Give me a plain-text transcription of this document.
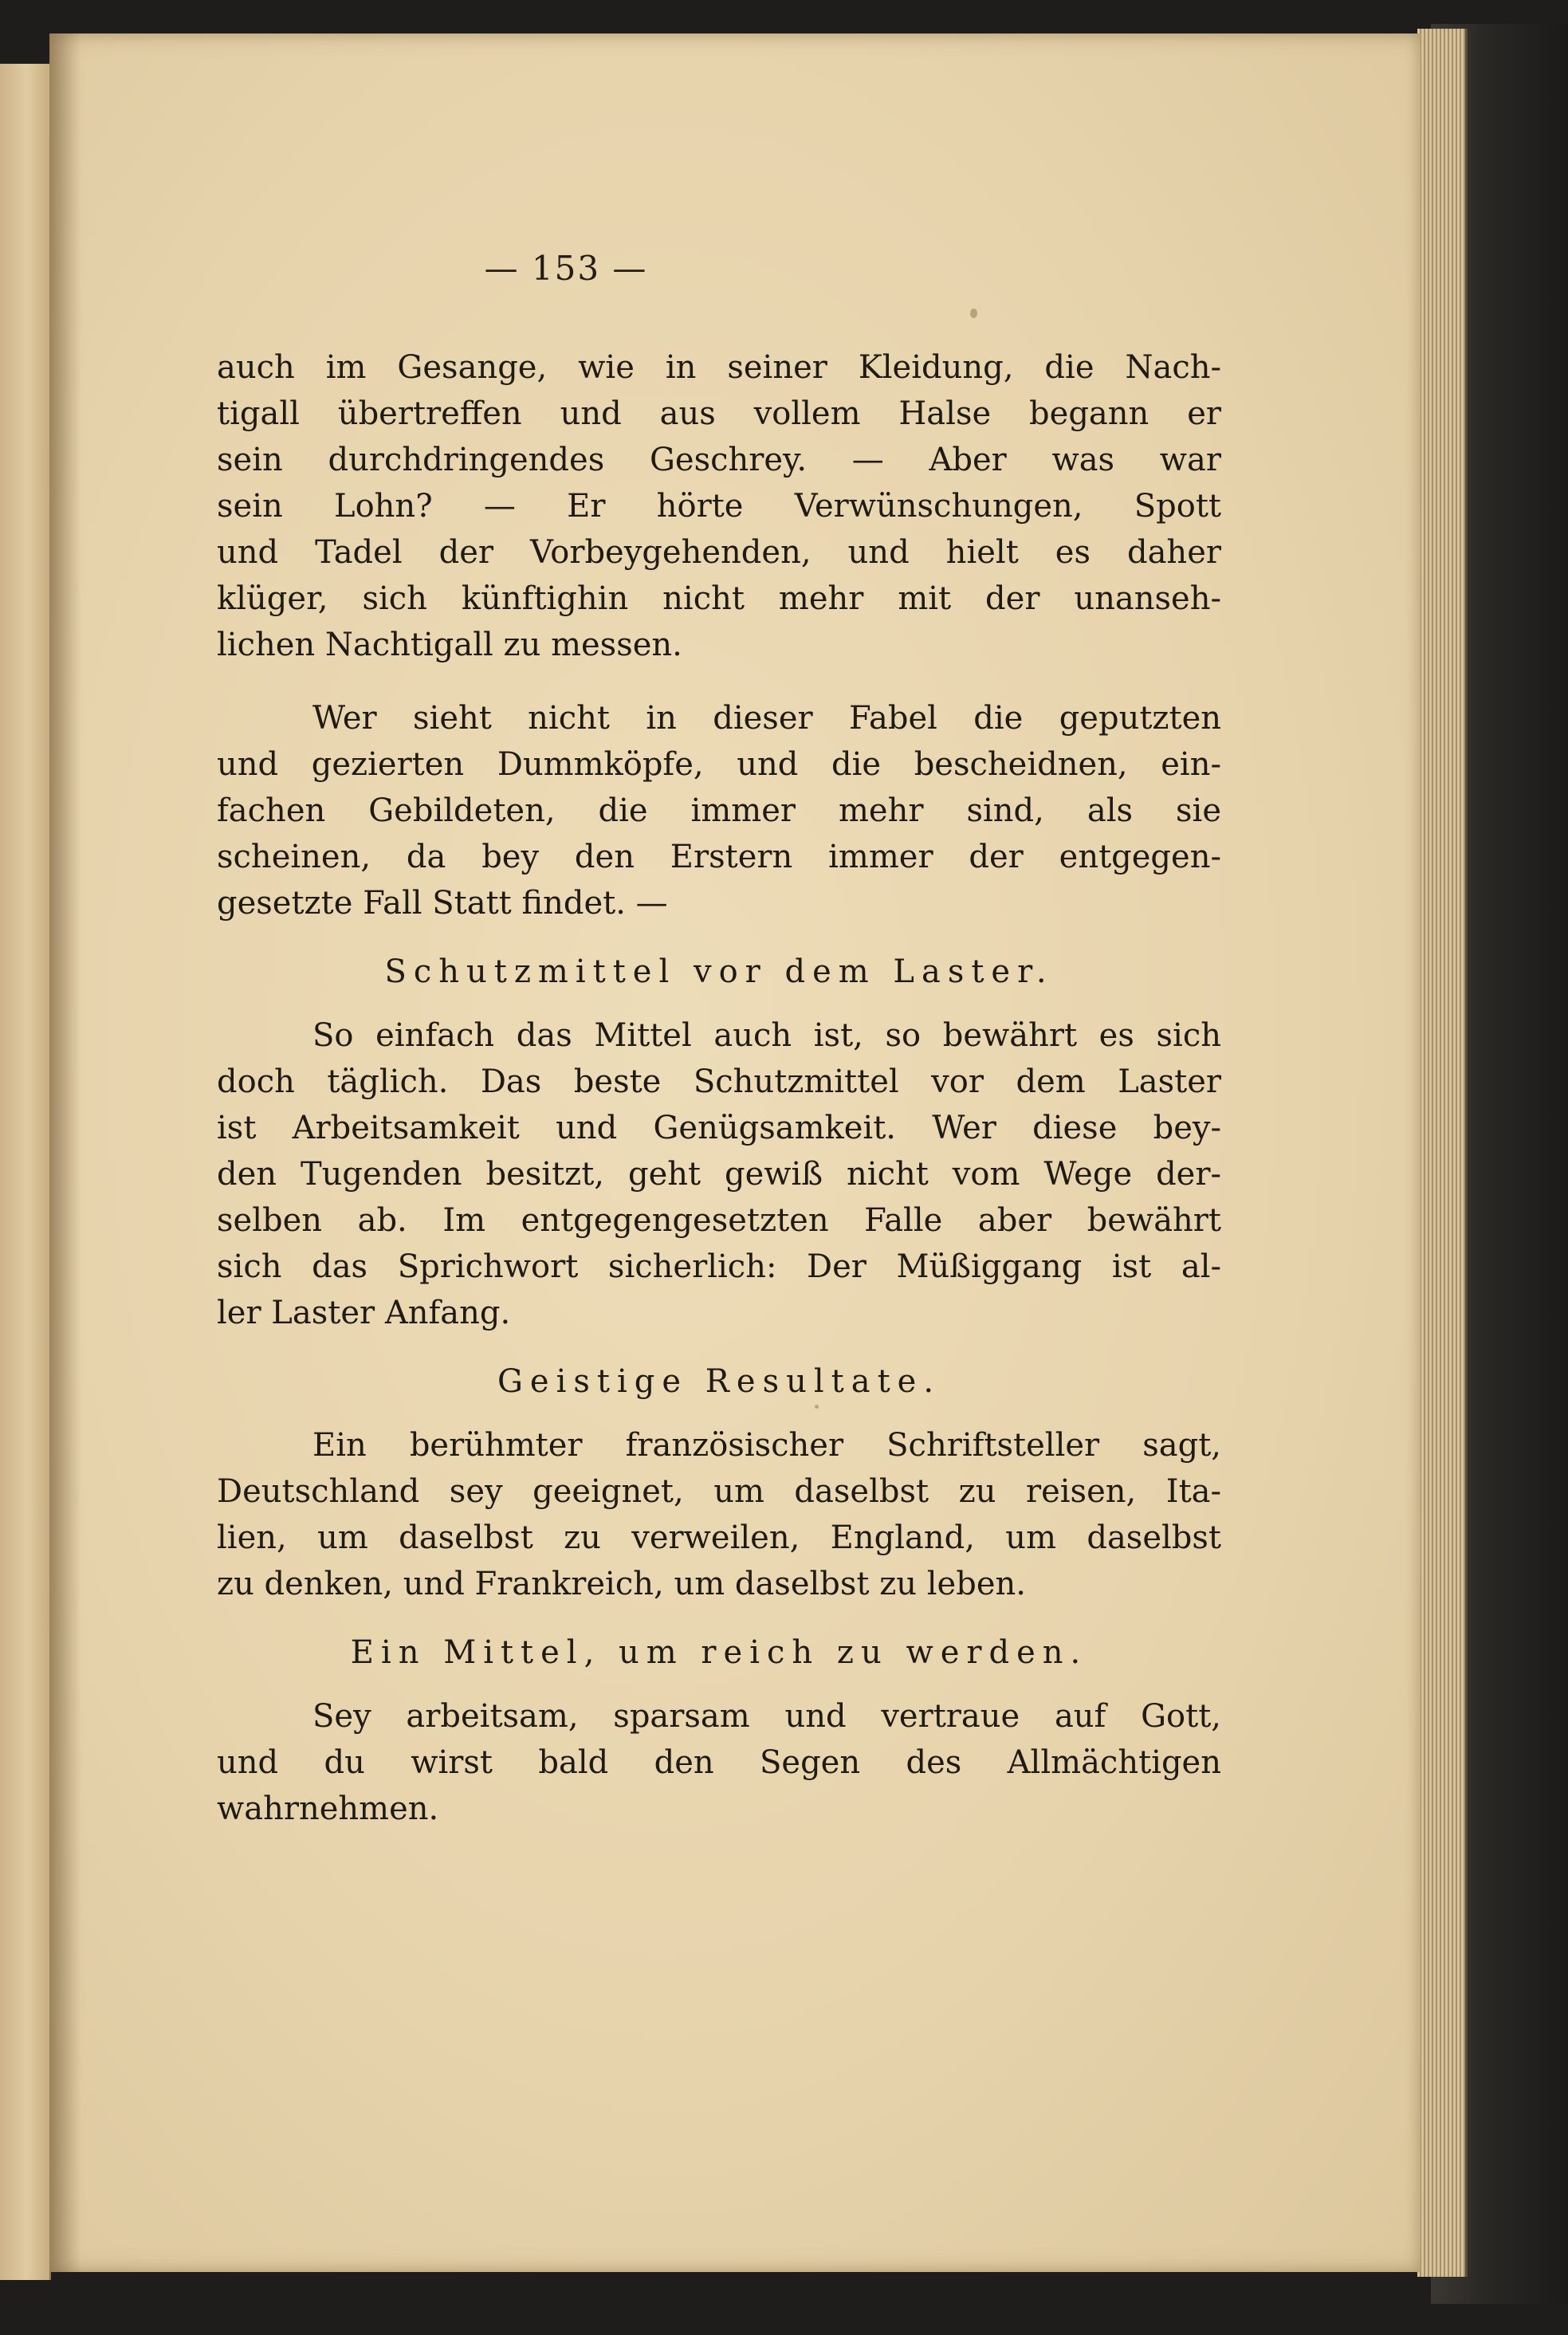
— 153 —
auch im Gesange, wie in seiner Kleidung, die Nach-
tigall übertreffen und aus vollem Halse begann er
sein durchdringendes Geschrey. — Aber was war
sein Lohn? — Er hörte Verwünschungen, Spott
und Tadel der Vorbeygehenden, und hielt es daher
klüger, sich künftighin nicht mehr mit der unanseh-
lichen Nachtigall zu messen.
Wer sieht nicht in dieser Fabel die geputzten
und gezierten Dummköpfe, und die bescheidnen, ein-
fachen Gebildeten, die immer mehr sind, als sie
scheinen, da bey den Erstern immer der entgegen-
gesetzte Fall Statt findet. —
Schutzmittel vor dem Laster.
So einfach das Mittel auch ist, so bewährt es sich
doch täglich. Das beste Schutzmittel vor dem Laster
ist Arbeitsamkeit und Genügsamkeit. Wer diese bey-
den Tugenden besitzt, geht gewiß nicht vom Wege der-
selben ab. Im entgegengesetzten Falle aber bewährt
sich das Sprichwort sicherlich: Der Müßiggang ist al-
ler Laster Anfang.
Geistige Resultate.
Ein berühmter französischer Schriftsteller sagt,
Deutschland sey geeignet, um daselbst zu reisen, Ita-
lien, um daselbst zu verweilen, England, um daselbst
zu denken, und Frankreich, um daselbst zu leben.
Ein Mittel, um reich zu werden.
Sey arbeitsam, sparsam und vertraue auf Gott,
und du wirst bald den Segen des Allmächtigen
wahrnehmen.
